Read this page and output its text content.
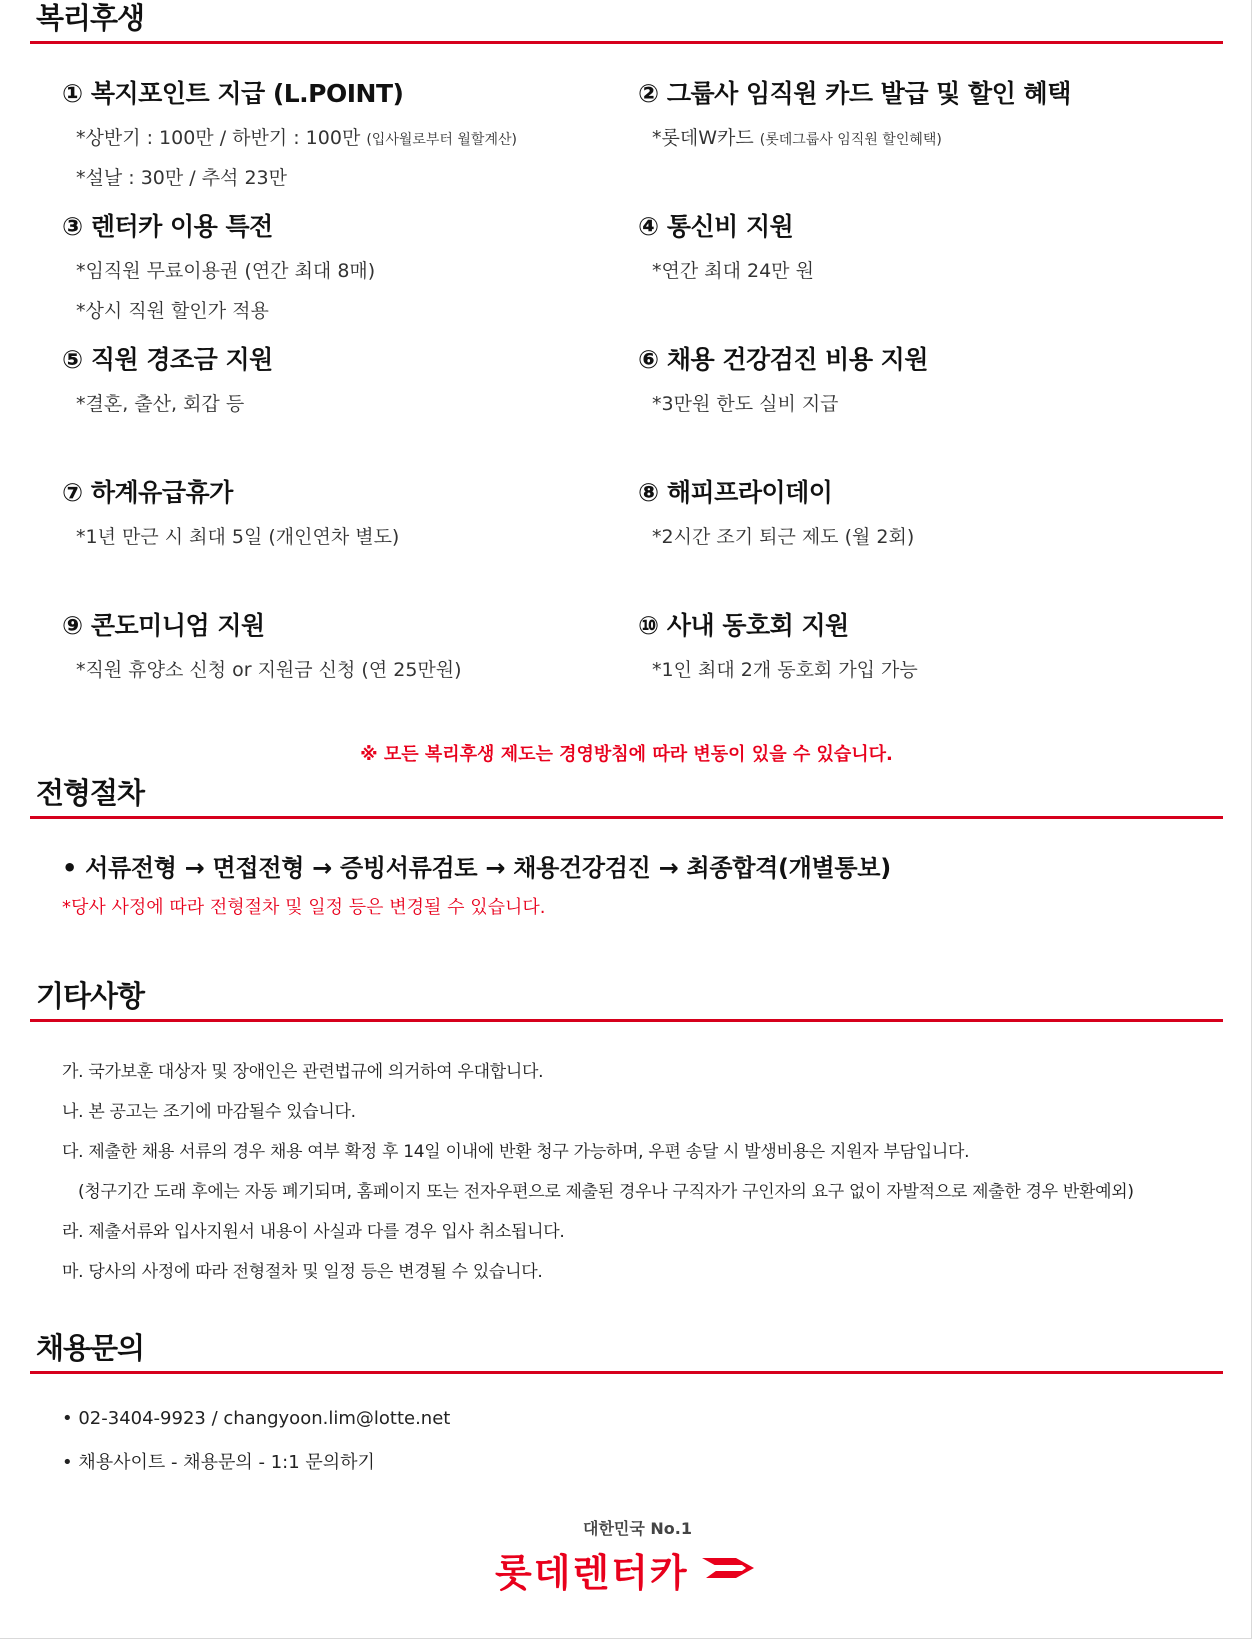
복리후생
① 복지포인트 지급 (L.POINT)
*상반기 : 100만 / 하반기 : 100만 (입사월로부터 월할계산)
*설날 : 30만 / 추석 23만
② 그룹사 임직원 카드 발급 및 할인 혜택
*롯데W카드 (롯데그룹사 임직원 할인혜택)
③ 렌터카 이용 특전
*임직원 무료이용권 (연간 최대 8매)
*상시 직원 할인가 적용
④ 통신비 지원
*연간 최대 24만 원
⑤ 직원 경조금 지원
*결혼, 출산, 회갑 등
⑥ 채용 건강검진 비용 지원
*3만원 한도 실비 지급
⑦ 하계유급휴가
*1년 만근 시 최대 5일 (개인연차 별도)
⑧ 해피프라이데이
*2시간 조기 퇴근 제도 (월 2회)
⑨ 콘도미니엄 지원
*직원 휴양소 신청 or 지원금 신청 (연 25만원)
⑩ 사내 동호회 지원
*1인 최대 2개 동호회 가입 가능
※ 모든 복리후생 제도는 경영방침에 따라 변동이 있을 수 있습니다.
전형절차
• 서류전형 → 면접전형 → 증빙서류검토 → 채용건강검진 → 최종합격(개별통보)
*당사 사정에 따라 전형절차 및 일정 등은 변경될 수 있습니다.
기타사항
가. 국가보훈 대상자 및 장애인은 관련법규에 의거하여 우대합니다.
나. 본 공고는 조기에 마감될수 있습니다.
다. 제출한 채용 서류의 경우 채용 여부 확정 후 14일 이내에 반환 청구 가능하며, 우편 송달 시 발생비용은 지원자 부담입니다.
(청구기간 도래 후에는 자동 폐기되며, 홈페이지 또는 전자우편으로 제출된 경우나 구직자가 구인자의 요구 없이 자발적으로 제출한 경우 반환예외)
라. 제출서류와 입사지원서 내용이 사실과 다를 경우 입사 취소됩니다.
마. 당사의 사정에 따라 전형절차 및 일정 등은 변경될 수 있습니다.
채용문의
• 02-3404-9923 / changyoon.lim@lotte.net
• 채용사이트 - 채용문의 - 1:1 문의하기
대한민국 No.1
롯데렌터카
